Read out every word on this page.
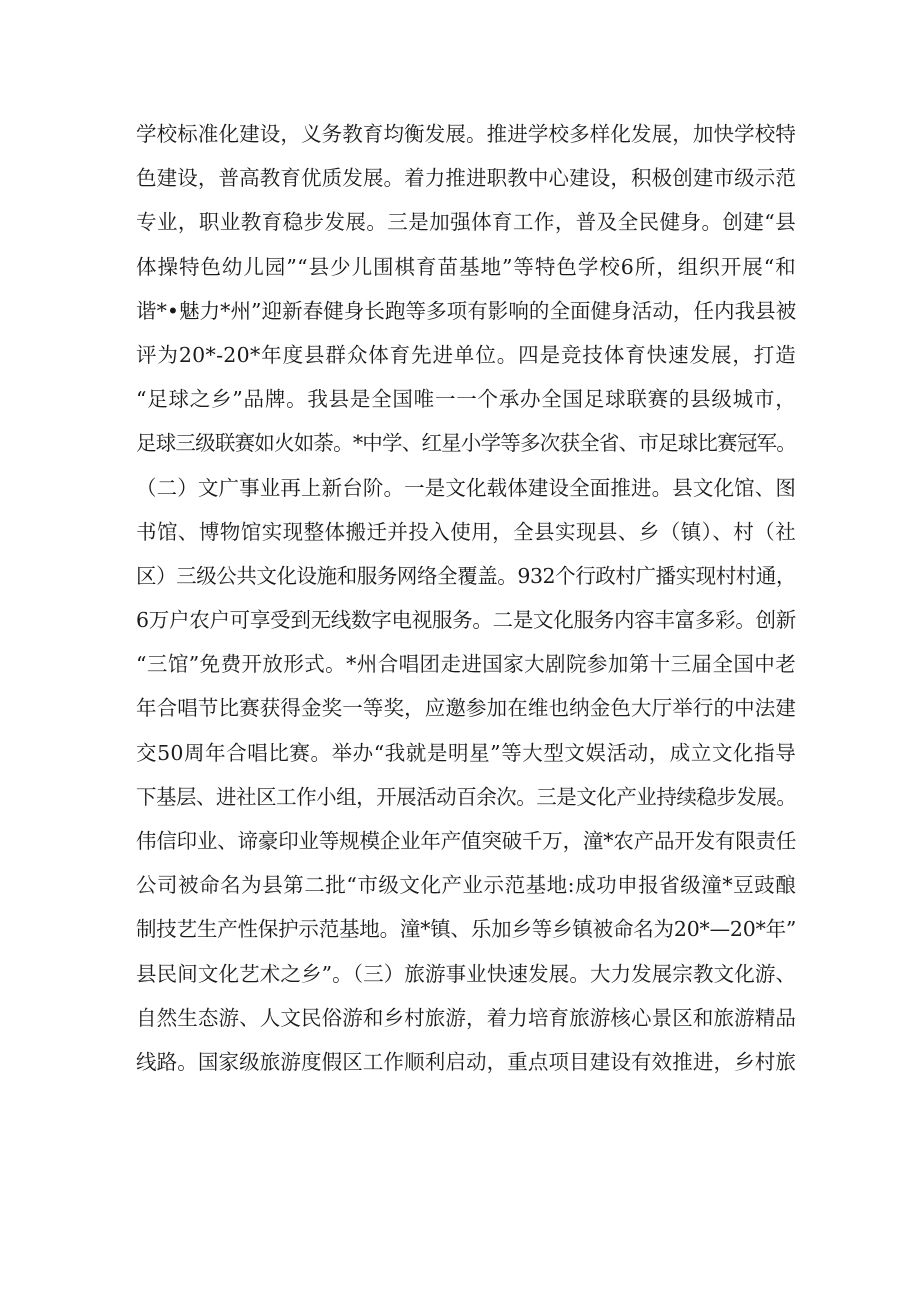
学校标准化建设，义务教育均衡发展。推进学校多样化发展，加快学校特
色建设，普高教育优质发展。着力推进职教中心建设，积极创建市级示范
专业，职业教育稳步发展。三是加强体育工作，普及全民健身。创建“县
体操特色幼儿园”“县少儿围棋育苗基地”等特色学校6所，组织开展“和
谐*•魅力*州”迎新春健身长跑等多项有影响的全面健身活动，任内我县被
评为20*-20*年度县群众体育先进单位。四是竞技体育快速发展，打造
“足球之乡”品牌。我县是全国唯一一个承办全国足球联赛的县级城市，
足球三级联赛如火如荼。*中学、红星小学等多次获全省、市足球比赛冠军。
（二）文广事业再上新台阶。一是文化载体建设全面推进。县文化馆、图
书馆、博物馆实现整体搬迁并投入使用，全县实现县、乡（镇）、村（社
区）三级公共文化设施和服务网络全覆盖。932个行政村广播实现村村通，
6万户农户可享受到无线数字电视服务。二是文化服务内容丰富多彩。创新
“三馆”免费开放形式。*州合唱团走进国家大剧院参加第十三届全国中老
年合唱节比赛获得金奖一等奖，应邀参加在维也纳金色大厅举行的中法建
交50周年合唱比赛。举办“我就是明星”等大型文娱活动，成立文化指导
下基层、进社区工作小组，开展活动百余次。三是文化产业持续稳步发展。
伟信印业、谛豪印业等规模企业年产值突破千万，潼*农产品开发有限责任
公司被命名为县第二批“市级文化产业示范基地:成功申报省级潼*豆豉酿
制技艺生产性保护示范基地。潼*镇、乐加乡等乡镇被命名为20*—20*年”
县民间文化艺术之乡”。（三）旅游事业快速发展。大力发展宗教文化游、
自然生态游、人文民俗游和乡村旅游，着力培育旅游核心景区和旅游精品
线路。国家级旅游度假区工作顺利启动，重点项目建设有效推进，乡村旅
